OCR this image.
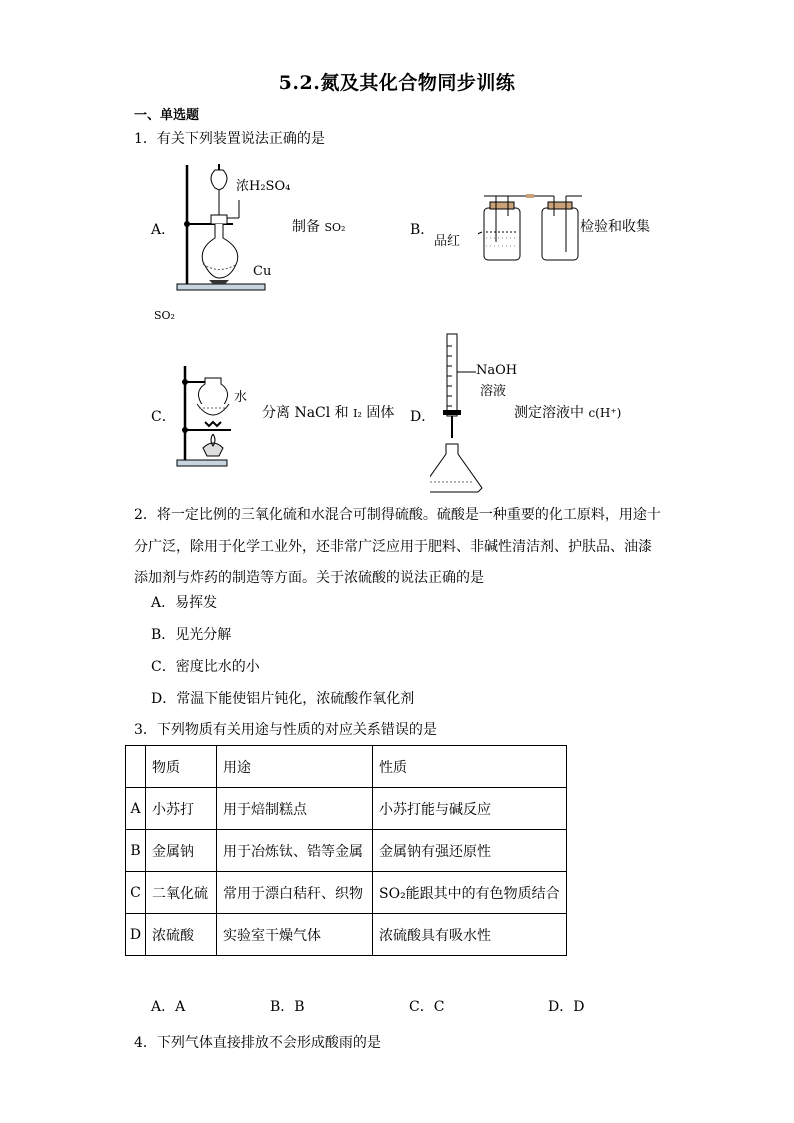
5.2.氮及其化合物同步训练
一、单选题
1．有关下列装置说法正确的是
A．
浓H₂SO₄
Cu
制备 SO₂
SO₂
B．
品红
检验和收集
C．
水
分离 NaCl 和 I₂ 固体 D．
NaOH
溶液
测定溶液中 c(H⁺)
2．将一定比例的三氧化硫和水混合可制得硫酸。硫酸是一种重要的化工原料，用途十分广泛，除用于化学工业外，还非常广泛应用于肥料、非碱性清洁剂、护肤品、油漆添加剂与炸药的制造等方面。关于浓硫酸的说法正确的是
A．易挥发
B．见光分解
C．密度比水的小
D．常温下能使铝片钝化，浓硫酸作氧化剂
3．下列物质有关用途与性质的对应关系错误的是
	物质	用途	性质
A	小苏打	用于焙制糕点	小苏打能与碱反应
B	金属钠	用于冶炼钛、锆等金属	金属钠有强还原性
C	二氧化硫	常用于漂白秸秆、织物	SO₂能跟其中的有色物质结合
D	浓硫酸	实验室干燥气体	浓硫酸具有吸水性
A．A	B．B	C．C	D．D
4．下列气体直接排放不会形成酸雨的是
